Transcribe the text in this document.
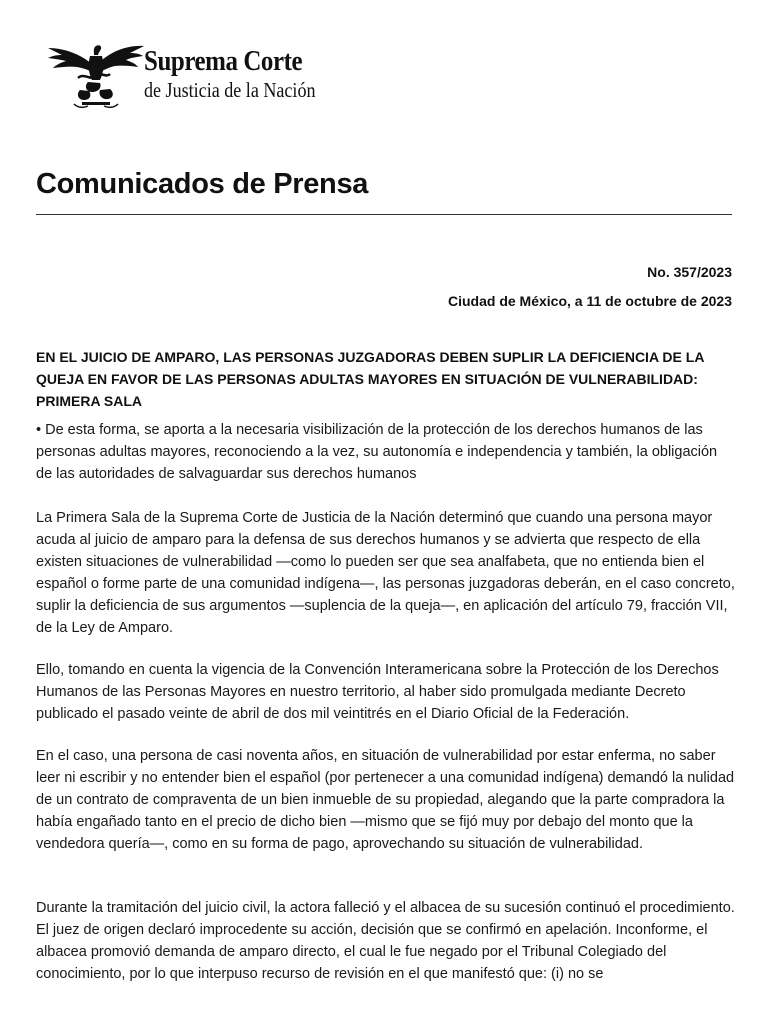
Suprema Corte
de Justicia de la Nación
Comunicados de Prensa
No. 357/2023
Ciudad de México, a 11 de octubre de 2023

EN EL JUICIO DE AMPARO, LAS PERSONAS JUZGADORAS DEBEN SUPLIR LA DEFICIENCIA DE LA QUEJA EN FAVOR DE LAS PERSONAS ADULTAS MAYORES EN SITUACIÓN DE VULNERABILIDAD: PRIMERA SALA

• De esta forma, se aporta a la necesaria visibilización de la protección de los derechos humanos de las personas adultas mayores, reconociendo a la vez, su autonomía e independencia y también, la obligación de las autoridades de salvaguardar sus derechos humanos

La Primera Sala de la Suprema Corte de Justicia de la Nación determinó que cuando una persona mayor acuda al juicio de amparo para la defensa de sus derechos humanos y se advierta que respecto de ella existen situaciones de vulnerabilidad —como lo pueden ser que sea analfabeta, que no entienda bien el español o forme parte de una comunidad indígena—, las personas juzgadoras deberán, en el caso concreto, suplir la deficiencia de sus argumentos —suplencia de la queja—, en aplicación del artículo 79, fracción VII, de la Ley de Amparo.

Ello, tomando en cuenta la vigencia de la Convención Interamericana sobre la Protección de los Derechos Humanos de las Personas Mayores en nuestro territorio, al haber sido promulgada mediante Decreto publicado el pasado veinte de abril de dos mil veintitrés en el Diario Oficial de la Federación.

En el caso, una persona de casi noventa años, en situación de vulnerabilidad por estar enferma, no saber leer ni escribir y no entender bien el español (por pertenecer a una comunidad indígena) demandó la nulidad de un contrato de compraventa de un bien inmueble de su propiedad, alegando que la parte compradora la había engañado tanto en el precio de dicho bien —mismo que se fijó muy por debajo del monto que la vendedora quería—, como en su forma de pago, aprovechando su situación de vulnerabilidad.

Durante la tramitación del juicio civil, la actora falleció y el albacea de su sucesión continuó el procedimiento. El juez de origen declaró improcedente su acción, decisión que se confirmó en apelación. Inconforme, el albacea promovió demanda de amparo directo, el cual le fue negado por el Tribunal Colegiado del conocimiento, por lo que interpuso recurso de revisión en el que manifestó que: (i) no se
